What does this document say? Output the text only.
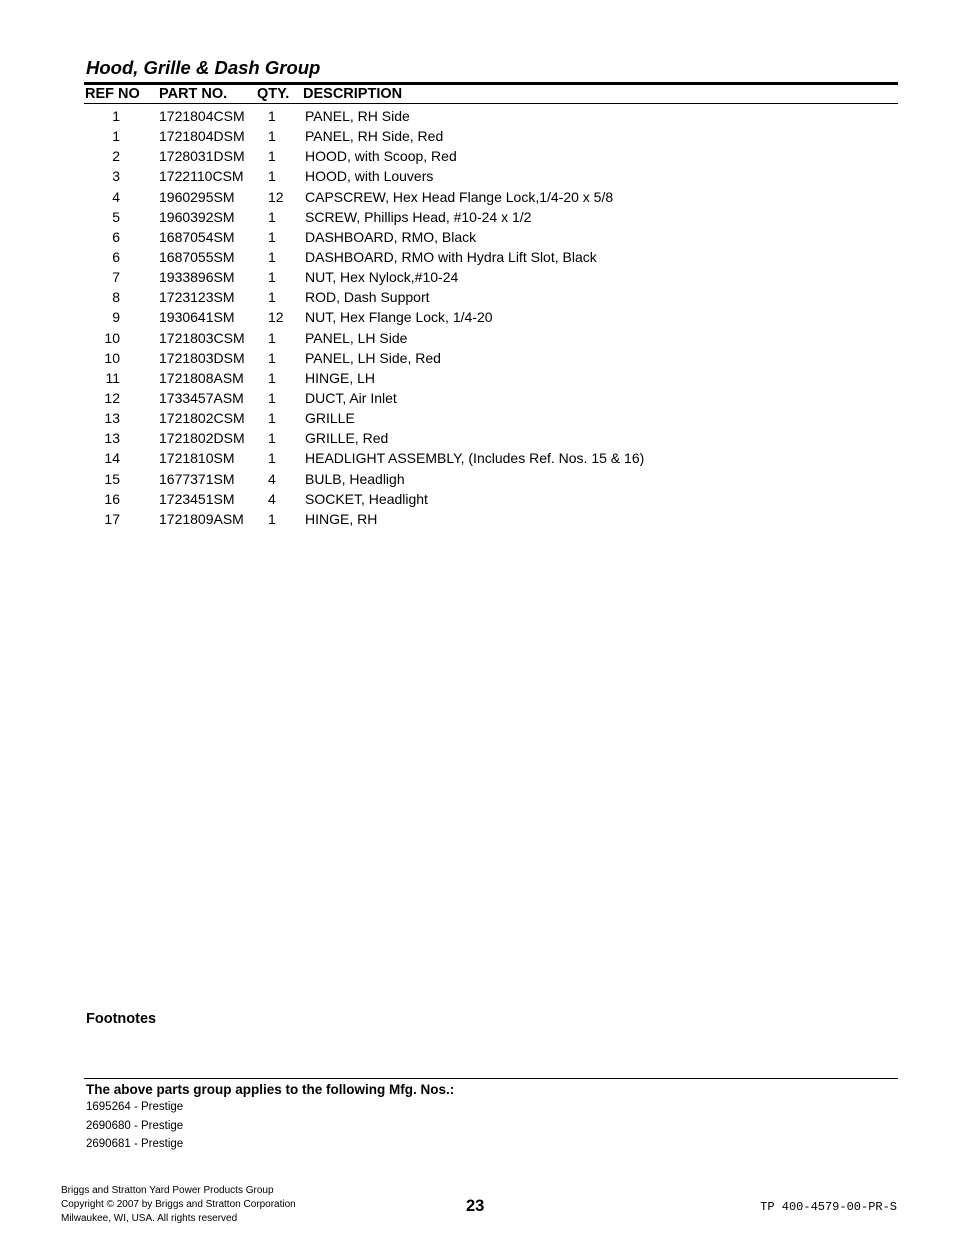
Hood, Grille & Dash Group
REF NO PART NO. QTY. DESCRIPTION
1	1721804CSM 1 PANEL, RH Side
1	1721804DSM 1 PANEL, RH Side, Red
2	1728031DSM 1 HOOD, with Scoop, Red
3	1722110CSM 1 HOOD, with Louvers
4	1960295SM 12 CAPSCREW, Hex Head Flange Lock,1/4-20 x 5/8
5	1960392SM 1 SCREW, Phillips Head, #10-24 x 1/2
6	1687054SM 1 DASHBOARD, RMO, Black
6	1687055SM 1 DASHBOARD, RMO with Hydra Lift Slot, Black
7	1933896SM 1 NUT, Hex Nylock,#10-24
8	1723123SM 1 ROD, Dash Support
9	1930641SM 12 NUT, Hex Flange Lock, 1/4-20
10	1721803CSM 1 PANEL, LH Side
10	1721803DSM 1 PANEL, LH Side, Red
11	1721808ASM 1 HINGE, LH
12	1733457ASM 1 DUCT, Air Inlet
13	1721802CSM 1 GRILLE
13	1721802DSM 1 GRILLE, Red
14	1721810SM 1 HEADLIGHT ASSEMBLY, (Includes Ref. Nos. 15 & 16)
15	1677371SM 4 BULB, Headligh
16	1723451SM 4 SOCKET, Headlight
17	1721809ASM 1 HINGE, RH
Footnotes
The above parts group applies to the following Mfg. Nos.:
1695264 - Prestige
2690680 - Prestige
2690681 - Prestige
Briggs and Stratton Yard Power Products Group
Copyright © 2007 by Briggs and Stratton Corporation
Milwaukee, WI, USA. All rights reserved
23	TP 400-4579-00-PR-S
